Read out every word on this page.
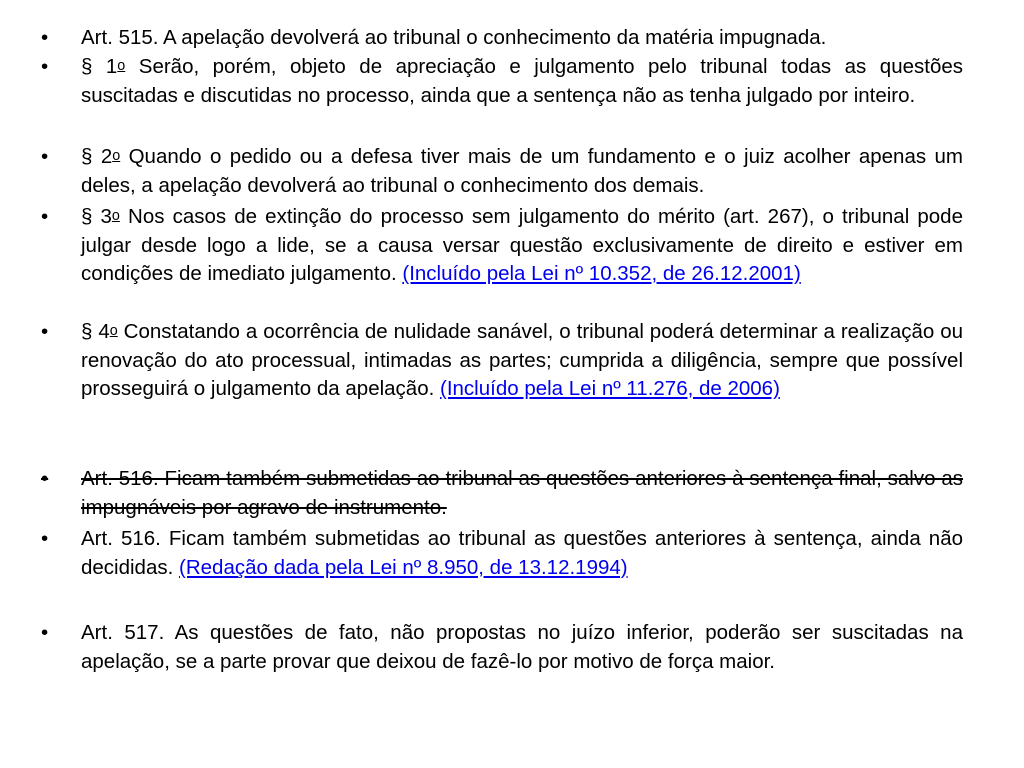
•	Art. 515. A apelação devolverá ao tribunal o conhecimento da matéria impugnada.
•	§ 1$^o$ Serão, porém, objeto de apreciação e julgamento pelo tribunal todas as questões suscitadas e discutidas no processo, ainda que a sentença não as tenha julgado por inteiro.
•	§ 2$^o$ Quando o pedido ou a defesa tiver mais de um fundamento e o juiz acolher apenas um deles, a apelação devolverá ao tribunal o conhecimento dos demais.
•	§ 3$^o$ Nos casos de extinção do processo sem julgamento do mérito (art. 267), o tribunal pode julgar desde logo a lide, se a causa versar questão exclusivamente de direito e estiver em condições de imediato julgamento. (Incluído pela Lei nº 10.352, de 26.12.2001)
•	§ 4$^o$ Constatando a ocorrência de nulidade sanável, o tribunal poderá determinar a realização ou renovação do ato processual, intimadas as partes; cumprida a diligência, sempre que possível prosseguirá o julgamento da apelação. (Incluído pela Lei nº 11.276, de 2006)
•	Art. 516. Ficam também submetidas ao tribunal as questões anteriores à sentença final, salvo as impugnáveis por agravo de instrumento.
•	Art. 516. Ficam também submetidas ao tribunal as questões anteriores à sentença, ainda não decididas. (Redação dada pela Lei nº 8.950, de 13.12.1994)
•	Art. 517. As questões de fato, não propostas no juízo inferior, poderão ser suscitadas na apelação, se a parte provar que deixou de fazê-lo por motivo de força maior.
